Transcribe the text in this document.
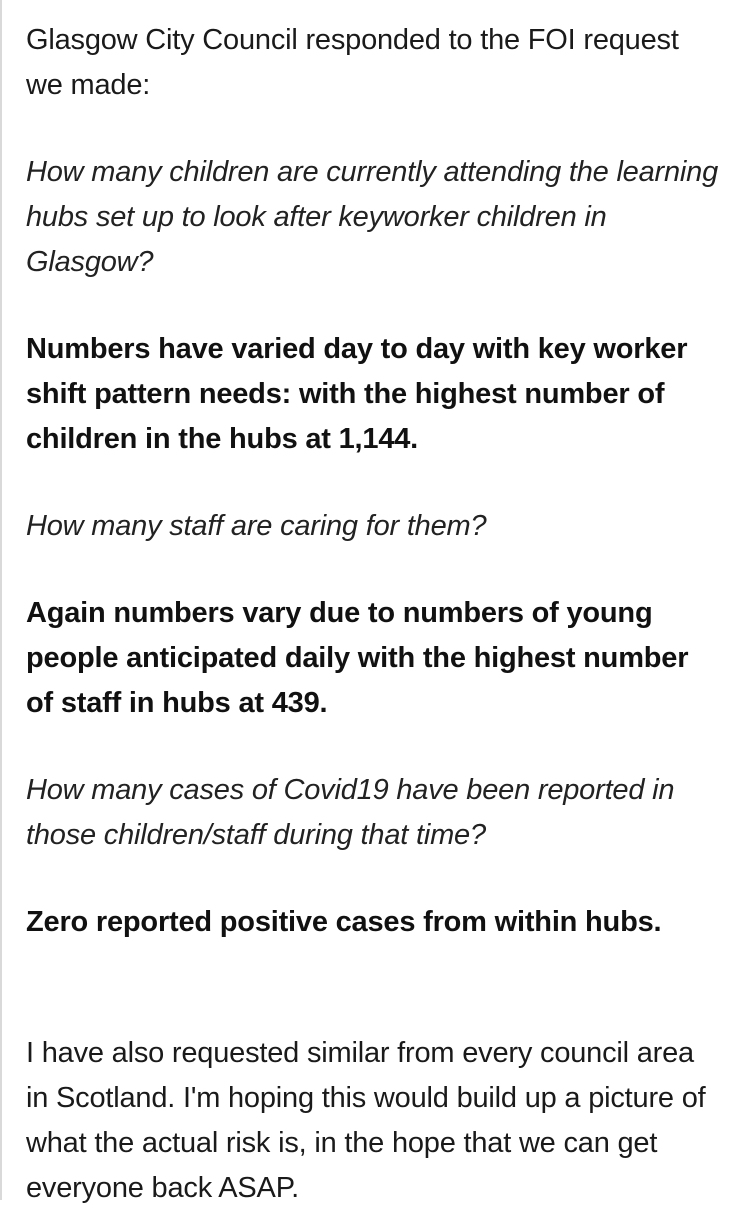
Glasgow City Council responded to the FOI request we made:

How many children are currently attending the learning hubs set up to look after keyworker children in Glasgow?

Numbers have varied day to day with key worker shift pattern needs: with the highest number of children in the hubs at 1,144.

How many staff are caring for them?

Again numbers vary due to numbers of young people anticipated daily with the highest number of staff in hubs at 439.

How many cases of Covid19 have been reported in those children/staff during that time?

Zero reported positive cases from within hubs.

I have also requested similar from every council area in Scotland. I'm hoping this would build up a picture of what the actual risk is, in the hope that we can get everyone back ASAP.
